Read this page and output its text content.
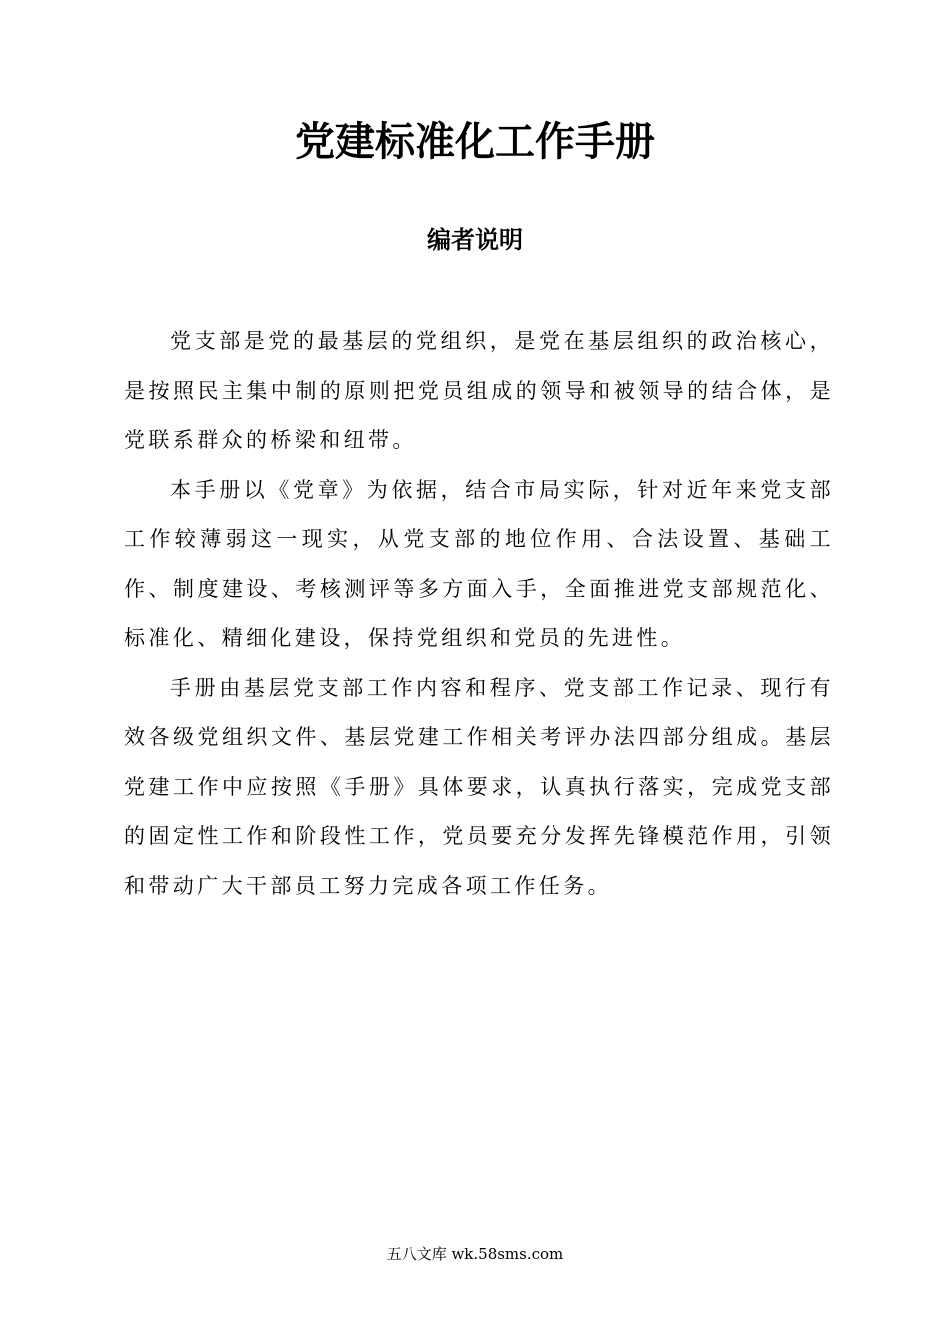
党建标准化工作手册
编者说明

党支部是党的最基层的党组织，是党在基层组织的政治核心，是按照民主集中制的原则把党员组成的领导和被领导的结合体，是党联系群众的桥梁和纽带。

本手册以《党章》为依据，结合市局实际，针对近年来党支部工作较薄弱这一现实，从党支部的地位作用、合法设置、基础工作、制度建设、考核测评等多方面入手，全面推进党支部规范化、标准化、精细化建设，保持党组织和党员的先进性。

手册由基层党支部工作内容和程序、党支部工作记录、现行有效各级党组织文件、基层党建工作相关考评办法四部分组成。基层党建工作中应按照《手册》具体要求，认真执行落实，完成党支部的固定性工作和阶段性工作，党员要充分发挥先锋模范作用，引领和带动广大干部员工努力完成各项工作任务。

五八文库 wk.58sms.com
